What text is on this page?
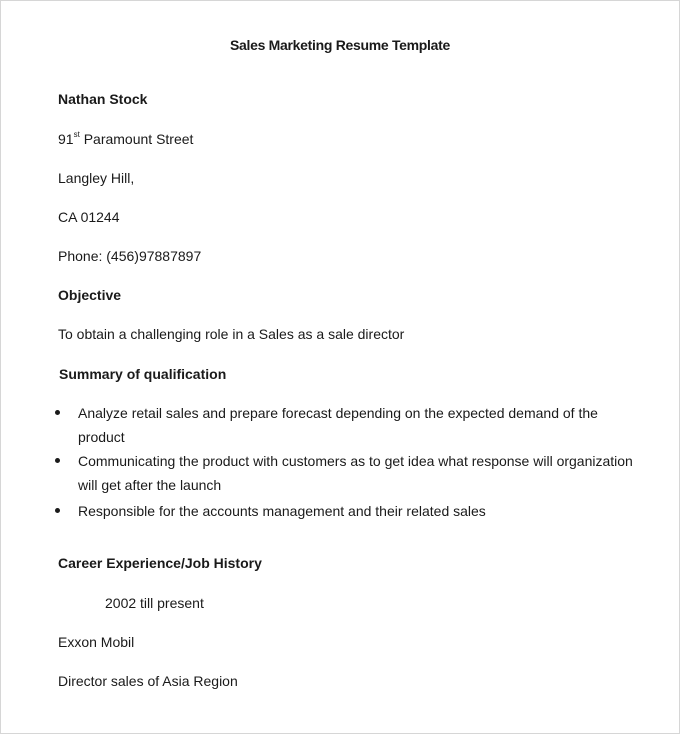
Sales Marketing Resume Template
Nathan Stock
91st Paramount Street
Langley Hill,
CA 01244
Phone: (456)97887897
Objective
To obtain a challenging role in a Sales as a sale director
Summary of qualification
Analyze retail sales and prepare forecast depending on the expected demand of the
product
Communicating the product with customers as to get idea what response will organization
will get after the launch
Responsible for the accounts management and their related sales
Career Experience/Job History
2002 till present
Exxon Mobil
Director sales of Asia Region
